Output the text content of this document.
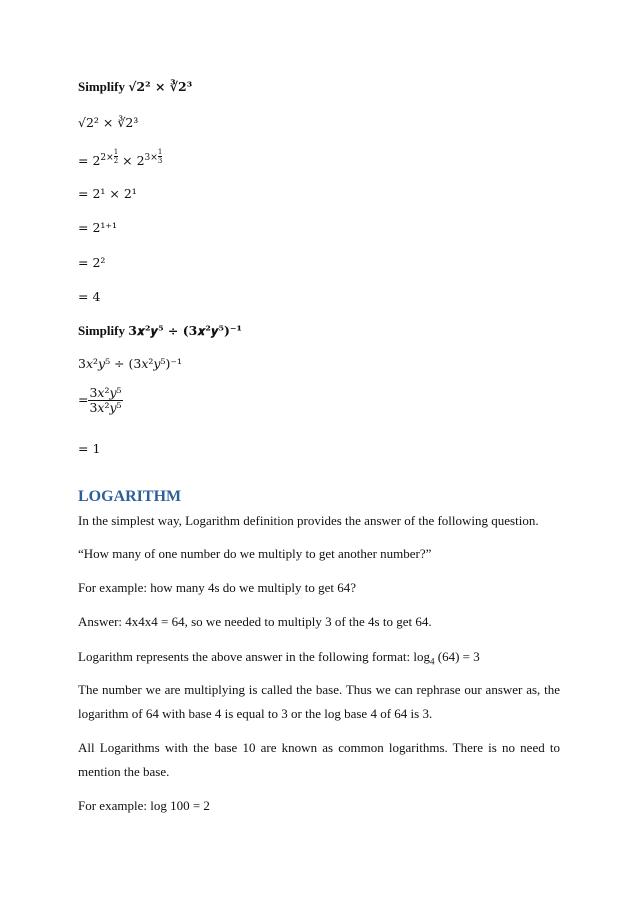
Simplify √2² × ∛2³
√2² × ∛2³
= $2^{2\times \frac{1}{2}} \times 2^{3\times \frac{1}{3}}$
= 2¹ × 2¹
= 2¹⁺¹
= 2²
= 4
Simplify 3𝒙²𝒚⁵ ÷ (3𝒙²𝒚⁵)⁻¹
3𝑥²𝑦⁵ ÷ (3𝑥²𝑦⁵)⁻¹
= 3𝑥²𝑦⁵
3𝑥²𝑦⁵
= 1
LOGARITHM
In the simplest way, Logarithm definition provides the answer of the following question.
“How many of one number do we multiply to get another number?”
For example: how many 4s do we multiply to get 64?
Answer: 4x4x4 = 64, so we needed to multiply 3 of the 4s to get 64.
Logarithm represents the above answer in the following format: $\log_4 (64) = 3$
The number we are multiplying is called the base. Thus we can rephrase our answer as, the
logarithm of 64 with base 4 is equal to 3 or the log base 4 of 64 is 3.
All Logarithms with the base 10 are known as common logarithms. There is no need to
mention the base.
For example: log 100 = 2
